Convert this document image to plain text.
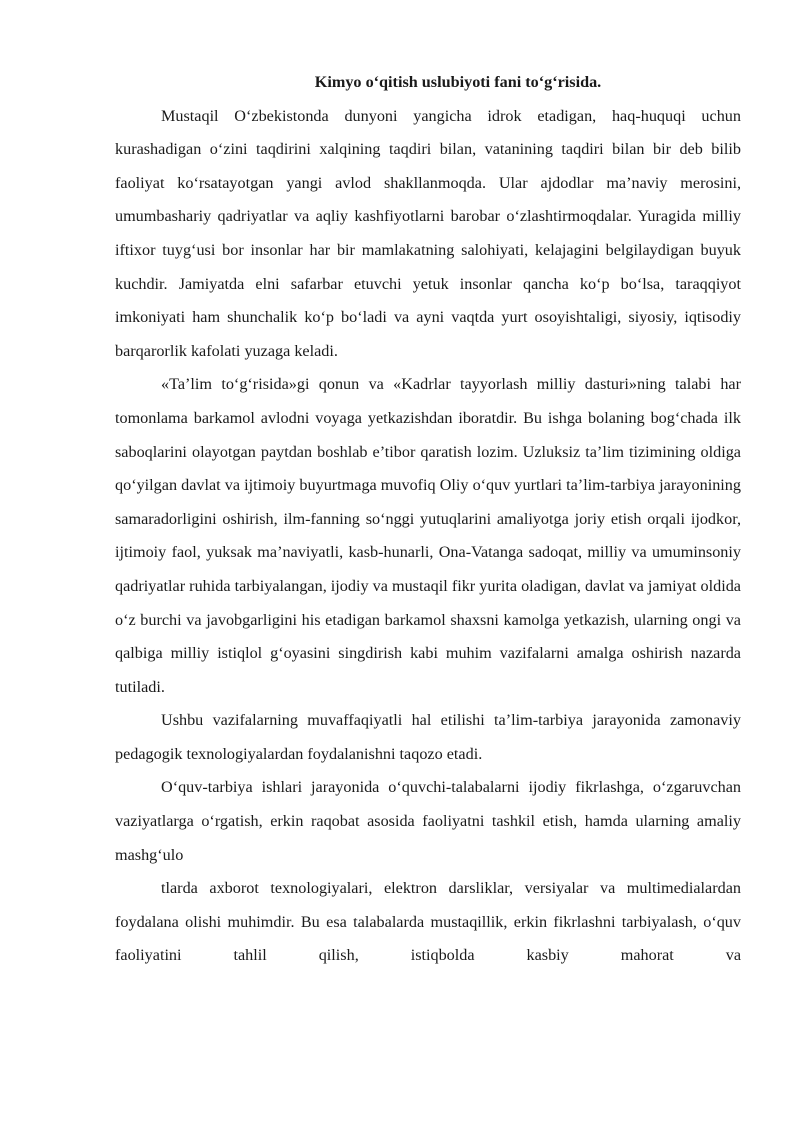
Kimyo o‘qitish uslubiyoti fani to‘g‘risida.

Mustaqil O‘zbekistonda dunyoni yangicha idrok etadigan, haq-huquqi uchun kurashadigan o‘zini taqdirini xalqining taqdiri bilan, vatanining taqdiri bilan bir deb bilib faoliyat ko‘rsatayotgan yangi avlod shakllanmoqda. Ular ajdodlar ma’naviy merosini, umumbashariy qadriyatlar va aqliy kashfiyotlarni barobar o‘zlashtirmoqdalar. Yuragida milliy iftixor tuyg‘usi bor insonlar har bir mamlakatning salohiyati, kelajagini belgilaydigan buyuk kuchdir. Jamiyatda elni safarbar etuvchi yetuk insonlar qancha ko‘p bo‘lsa, taraqqiyot imkoniyati ham shunchalik ko‘p bo‘ladi va ayni vaqtda yurt osoyishtaligi, siyosiy, iqtisodiy barqarorlik kafolati yuzaga keladi.

«Ta’lim to‘g‘risida»gi qonun va «Kadrlar tayyorlash milliy dasturi»ning talabi har tomonlama barkamol avlodni voyaga yetkazishdan iboratdir. Bu ishga bolaning bog‘chada ilk saboqlarini olayotgan paytdan boshlab e’tibor qaratish lozim. Uzluksiz ta’lim tizimining oldiga qo‘yilgan davlat va ijtimoiy buyurtmaga muvofiq Oliy o‘quv yurtlari ta’lim-tarbiya jarayonining samaradorligini oshirish, ilm-fanning so‘nggi yutuqlarini amaliyotga joriy etish orqali ijodkor, ijtimoiy faol, yuksak ma’naviyatli, kasb-hunarli, Ona-Vatanga sadoqat, milliy va umuminsoniy qadriyatlar ruhida tarbiyalangan, ijodiy va mustaqil fikr yurita oladigan, davlat va jamiyat oldida o‘z burchi va javobgarligini his etadigan barkamol shaxsni kamolga yetkazish, ularning ongi va qalbiga milliy istiqlol g‘oyasini singdirish kabi muhim vazifalarni amalga oshirish nazarda tutiladi.

Ushbu vazifalarning muvaffaqiyatli hal etilishi ta’lim-tarbiya jarayonida zamonaviy pedagogik texnologiyalardan foydalanishni taqozo etadi.

O‘quv-tarbiya ishlari jarayonida o‘quvchi-talabalarni ijodiy fikrlashga, o‘zgaruvchan vaziyatlarga o‘rgatish, erkin raqobat asosida faoliyatni tashkil etish, hamda ularning amaliy mashg‘ulo

tlarda axborot texnologiyalari, elektron darsliklar, versiyalar va multimedialardan foydalana olishi muhimdir. Bu esa talabalarda mustaqillik, erkin fikrlashni tarbiyalash, o‘quv faoliyatini tahlil qilish, istiqbolda kasbiy mahorat va
